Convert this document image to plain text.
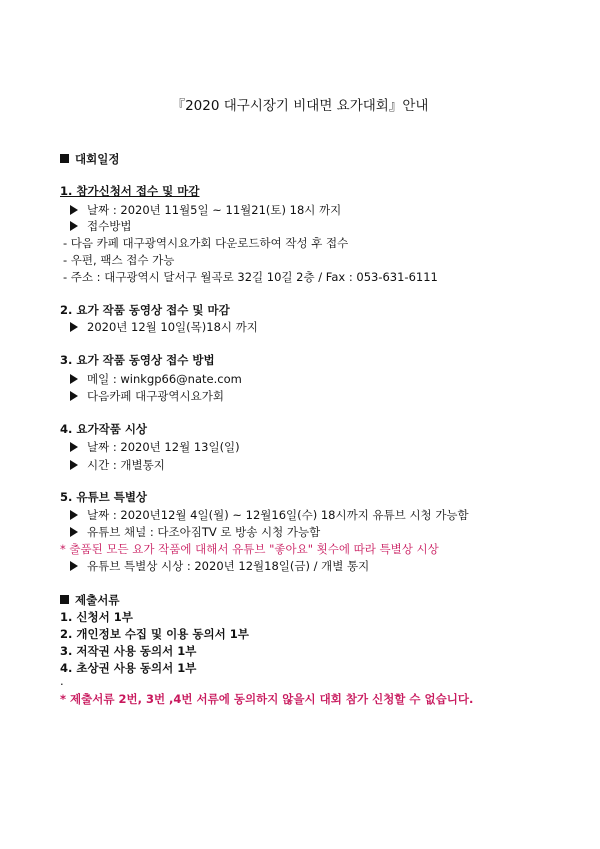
『2020 대구시장기 비대면 요가대회』안내
대회일정
1. 참가신청서 접수 및 마감
날짜 : 2020년 11월5일 ~ 11월21(토) 18시 까지
접수방법
- 다음 카페 대구광역시요가회 다운로드하여 작성 후 접수
- 우편, 팩스 접수 가능
- 주소 : 대구광역시 달서구 월곡로 32길 10길 2층 / Fax : 053-631-6111
2. 요가 작품 동영상 접수 및 마감
2020년 12월 10일(목)18시 까지
3. 요가 작품 동영상 접수 방법
메일 : winkgp66@nate.com
다음카페 대구광역시요가회
4. 요가작품 시상
날짜 : 2020년 12월 13일(일)
시간 : 개별통지
5. 유튜브 특별상
날짜 : 2020년12월 4일(월) ~ 12월16일(수) 18시까지 유튜브 시청 가능함
유튜브 채널 : 다조아짐TV 로 방송 시청 가능함
* 출품된 모든 요가 작품에 대해서 유튜브 "좋아요" 횟수에 따라 특별상 시상
유튜브 특별상 시상 : 2020년 12월18일(금) / 개별 통지
제출서류
1. 신청서 1부
2. 개인정보 수집 및 이용 동의서 1부
3. 저작권 사용 동의서 1부
4. 초상권 사용 동의서 1부
.
* 제출서류 2번, 3번 ,4번 서류에 동의하지 않을시 대회 참가 신청할 수 없습니다.
